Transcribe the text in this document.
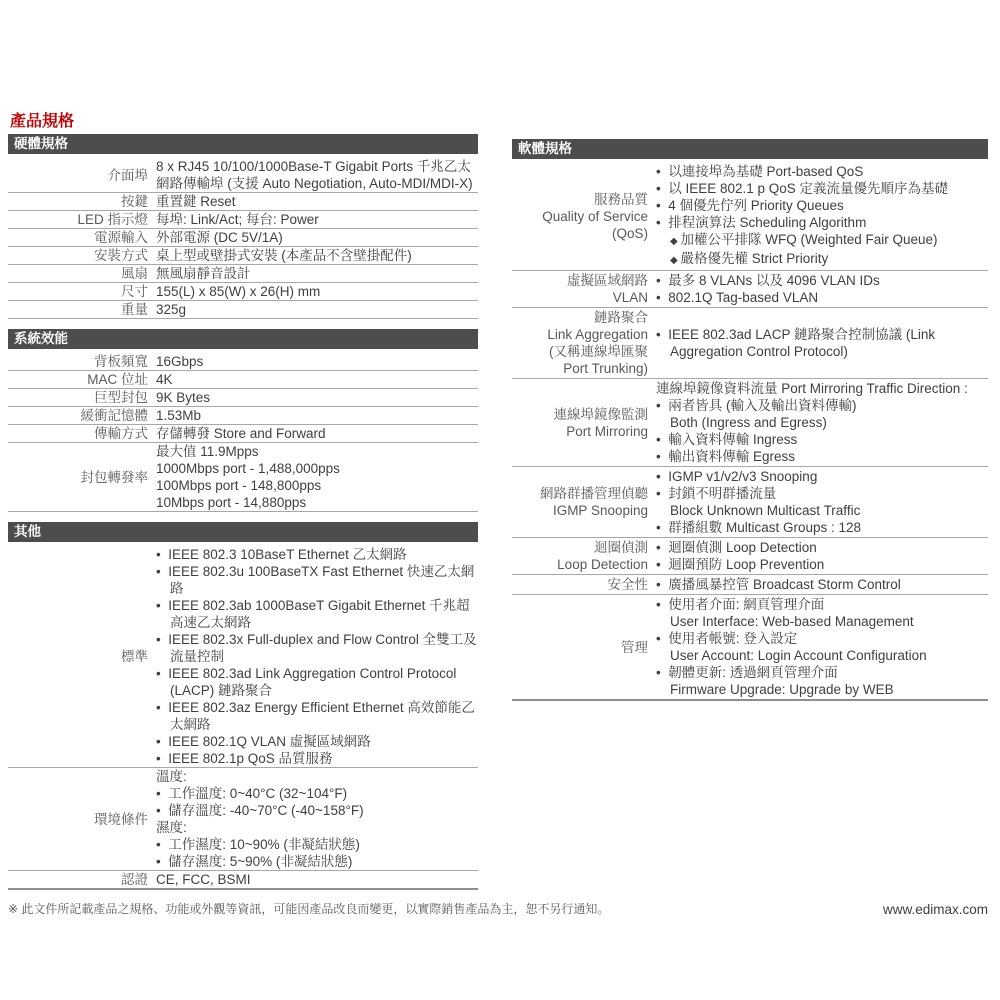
產品規格
硬體規格
介面埠
8 x RJ45 10/100/1000Base-T Gigabit Ports 千兆乙太網路傳輸埠 (支援 Auto Negotiation, Auto-MDI/MDI-X)
按鍵 重置鍵 Reset
LED 指示燈 每埠: Link/Act; 每台: Power
電源輸入 外部電源 (DC 5V/1A)
安裝方式 桌上型或壁掛式安裝 (本產品不含壁掛配件)
風扇 無風扇靜音設計
尺寸 155(L) x 85(W) x 26(H) mm
重量 325g
系統效能
背板頻寬 16Gbps
MAC 位址 4K
巨型封包 9K Bytes
緩衝記憶體 1.53Mb
傳輸方式 存儲轉發 Store and Forward
封包轉發率
最大值 11.9Mpps
1000Mbps port - 1,488,000pps
100Mbps port - 148,800pps
10Mbps port - 14,880pps
其他
標準
•  IEEE 802.3 10BaseT Ethernet 乙太網路
•  IEEE 802.3u 100BaseTX Fast Ethernet 快速乙太網路
•  IEEE 802.3ab 1000BaseT Gigabit Ethernet 千兆超高速乙太網路
•  IEEE 802.3x Full-duplex and Flow Control 全雙工及流量控制
•  IEEE 802.3ad Link Aggregation Control Protocol (LACP) 鏈路聚合
•  IEEE 802.3az Energy Efficient Ethernet 高效節能乙太網路
•  IEEE 802.1Q VLAN 虛擬區域網路
•  IEEE 802.1p QoS 品質服務
環境條件
溫度:
•  工作溫度: 0~40°C (32~104°F)
•  儲存溫度: -40~70°C (-40~158°F)
濕度:
•  工作濕度: 10~90% (非凝結狀態)
•  儲存濕度: 5~90% (非凝結狀態)
認證 CE, FCC, BSMI
軟體規格
服務品質
Quality of Service
(QoS)
•  以連接埠為基礎 Port-based QoS
•  以 IEEE 802.1 p QoS 定義流量優先順序為基礎
•  4 個優先佇列 Priority Queues
•  排程演算法 Scheduling Algorithm
◆ 加權公平排隊 WFQ (Weighted Fair Queue)
◆ 嚴格優先權 Strict Priority
虛擬區域網路
VLAN
•  最多 8 VLANs 以及 4096 VLAN IDs
•  802.1Q Tag-based VLAN
鏈路聚合
Link Aggregation
(又稱連線埠匯聚
Port Trunking)
•  IEEE 802.3ad LACP 鏈路聚合控制協議 (Link Aggregation Control Protocol)
連線埠鏡像監測
Port Mirroring
連線埠鏡像資料流量 Port Mirroring Traffic Direction :
•  兩者皆具 (輸入及輸出資料傳輸)
Both (Ingress and Egress)
•  輸入資料傳輸 Ingress
•  輸出資料傳輸 Egress
網路群播管理偵聽
IGMP Snooping
•  IGMP v1/v2/v3 Snooping
•  封鎖不明群播流量
Block Unknown Multicast Traffic
•  群播組數 Multicast Groups : 128
迴圈偵測
Loop Detection
•  迴圈偵測 Loop Detection
•  迴圈預防 Loop Prevention
安全性	•  廣播風暴控管 Broadcast Storm Control
管理
•  使用者介面: 網頁管理介面
User Interface: Web-based Management
•  使用者帳號: 登入設定
User Account: Login Account Configuration
•  韌體更新: 透過網頁管理介面
Firmware Upgrade: Upgrade by WEB
※ 此文件所記載產品之規格、功能或外觀等資訊，可能因產品改良而變更，以實際銷售產品為主，恕不另行通知。	www.edimax.com
